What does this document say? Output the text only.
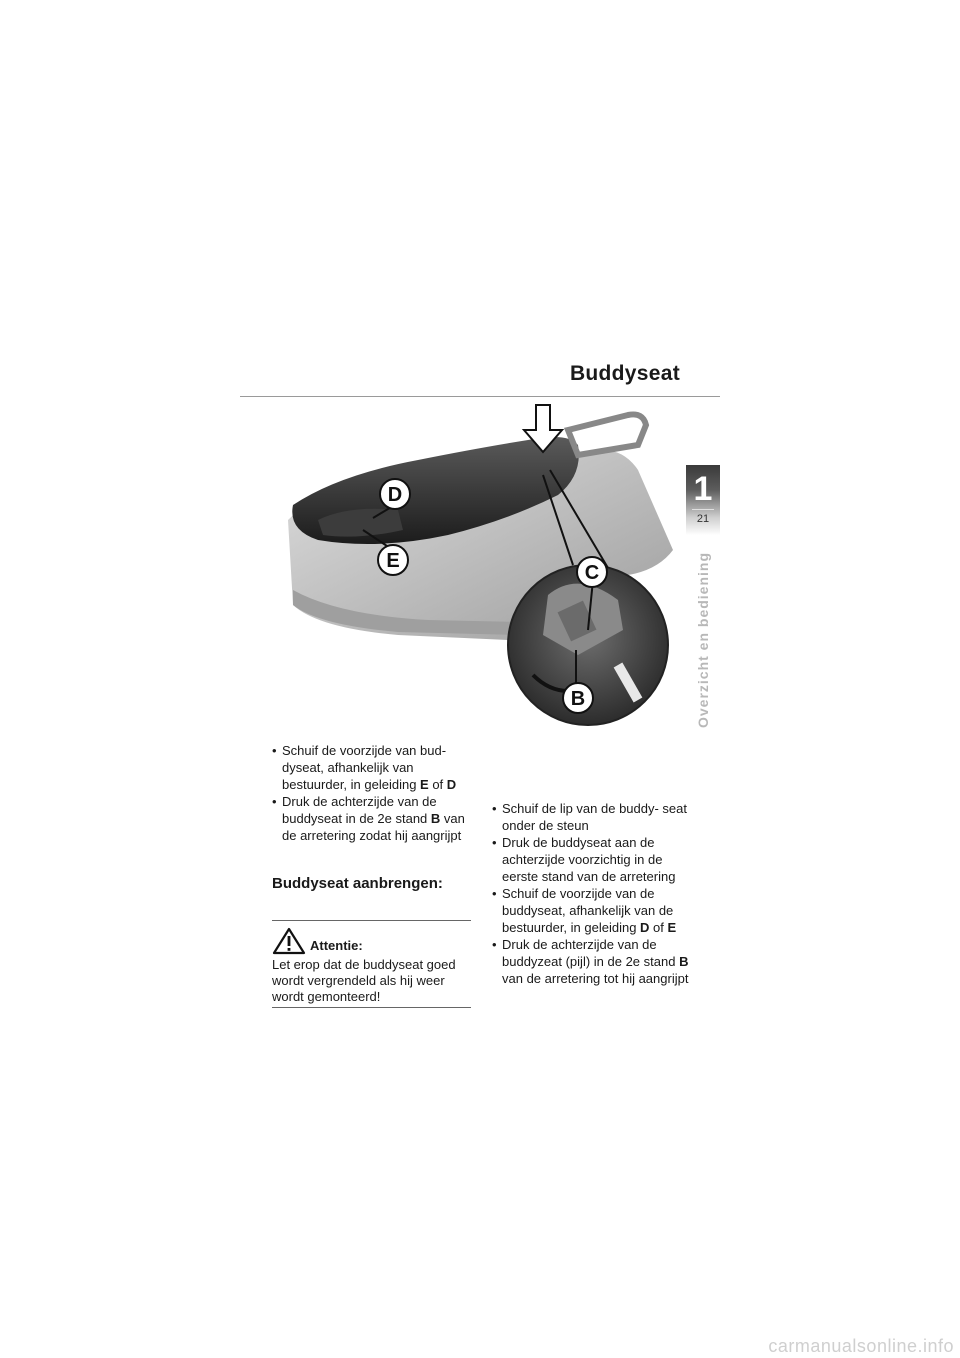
Buddyseat
1
21
Overzicht en bediening
D
E
C
B
• Schuif de voorzijde van bud- dyseat, afhankelijk van bestuurder, in geleiding E of D
• Druk de achterzijde van de buddyseat in de 2e stand B van de arretering zodat hij aangrijpt
Buddyseat aanbrengen:
Attentie:
Let erop dat de buddyseat goed wordt vergrendeld als hij weer wordt gemonteerd!
• Schuif de lip van de buddy- seat onder de steun
• Druk de buddyseat aan de achterzijde voorzichtig in de eerste stand van de arretering
• Schuif de voorzijde van de buddyseat, afhankelijk van de bestuurder, in geleiding D of E
• Druk de achterzijde van de buddyzeat (pijl) in de 2e stand B van de arretering tot hij aangrijpt
carmanualsonline.info
